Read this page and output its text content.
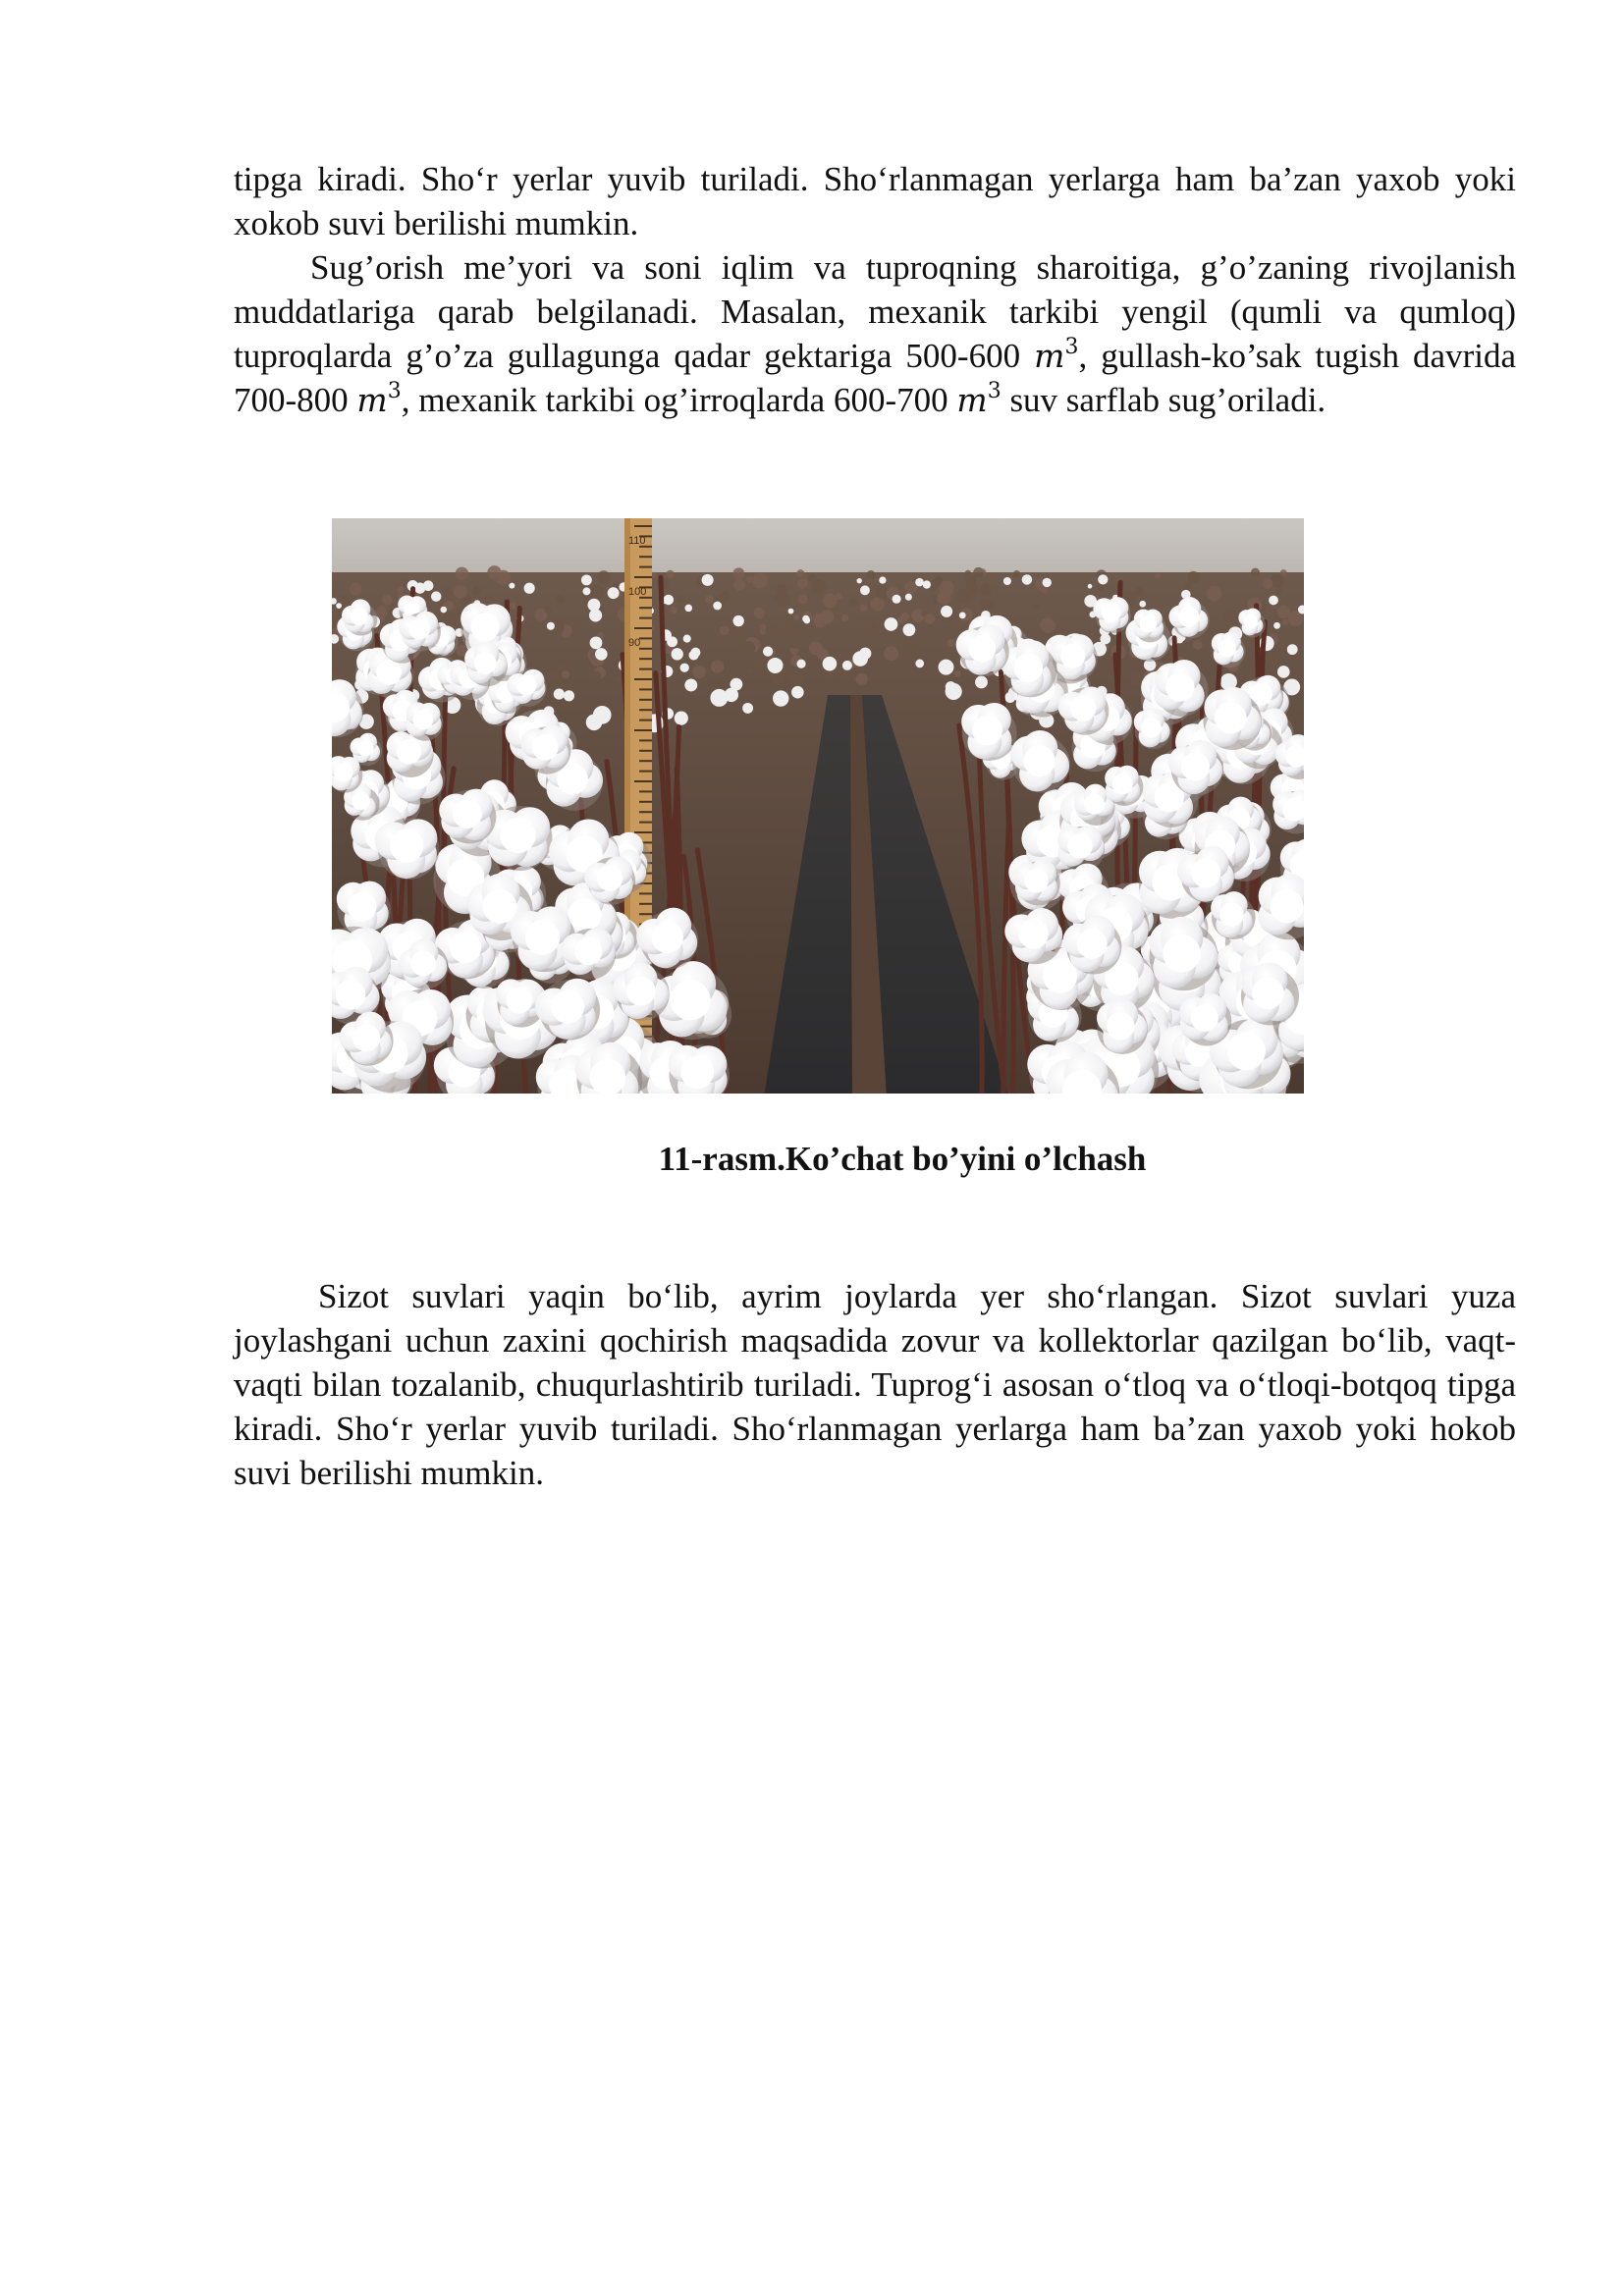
tipga kiradi. Sho‘r yerlar yuvib turiladi. Sho‘rlanmagan yerlarga ham ba’zan yaxob yoki xokob suvi berilishi mumkin.

Sug’orish me’yori va soni iqlim va tuproqning sharoitiga, g’o’zaning rivojlanish muddatlariga qarab belgilanadi. Masalan, mexanik tarkibi yengil (qumli va qumloq) tuproqlarda g’o’za gullagunga qadar gektariga 500-600 $m^3$, gullash-ko’sak tugish davrida 700-800 $m^3$, mexanik tarkibi og’irroqlarda 600-700 $m^3$ suv sarflab sug’oriladi.

110
100
90
11-rasm.Ko’chat bo’yini o’lchash

Sizot suvlari yaqin bo‘lib, ayrim joylarda yer sho‘rlangan. Sizot suvlari yuza joylashgani uchun zaxini qochirish maqsadida zovur va kollektorlar qazilgan bo‘lib, vaqt-vaqti bilan tozalanib, chuqurlashtirib turiladi. Tuprog‘i asosan o‘tloq va o‘tloqi-botqoq tipga kiradi. Sho‘r yerlar yuvib turiladi. Sho‘rlanmagan yerlarga ham ba’zan yaxob yoki hokob suvi berilishi mumkin.
